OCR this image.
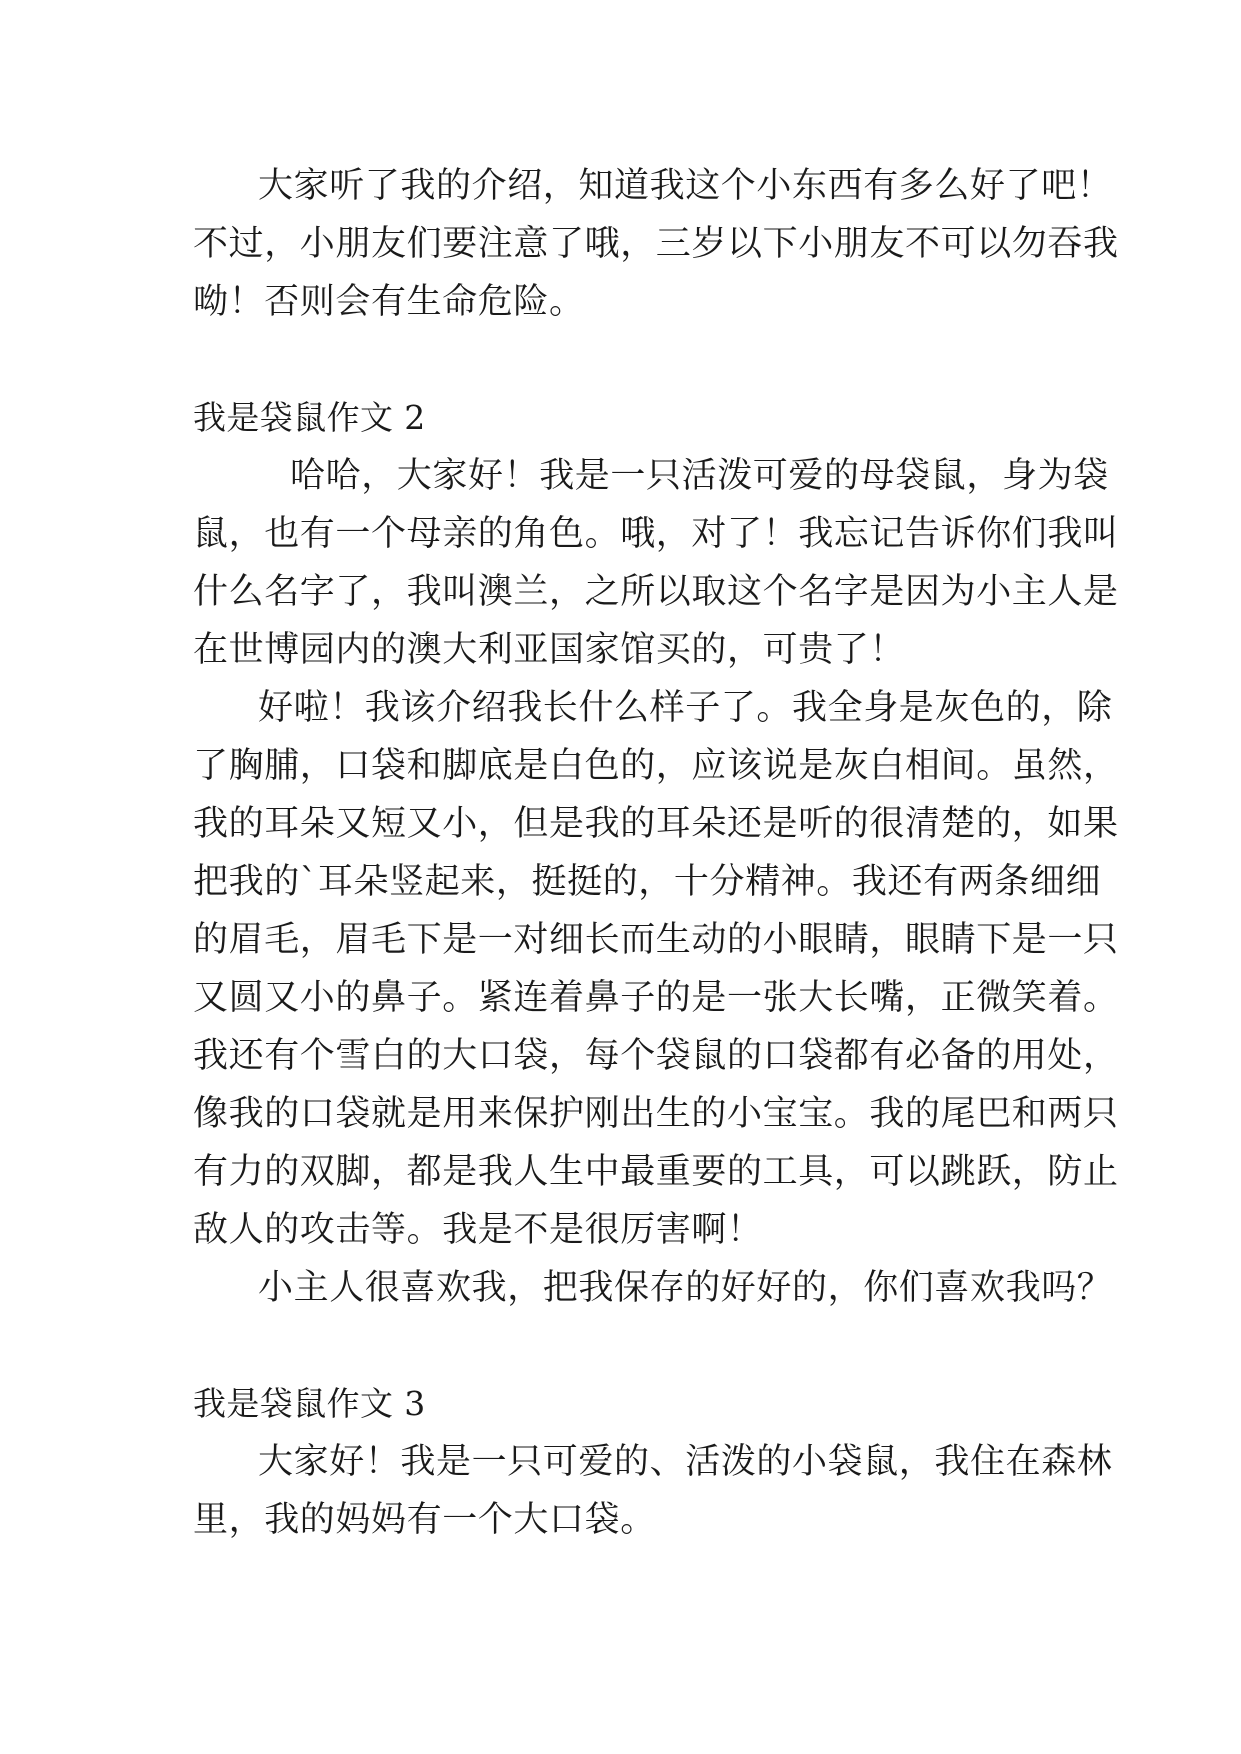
大家听了我的介绍，知道我这个小东西有多么好了吧！

不过，小朋友们要注意了哦，三岁以下小朋友不可以勿吞我

呦！否则会有生命危险。

我是袋鼠作文 2

哈哈，大家好！我是一只活泼可爱的母袋鼠，身为袋

鼠，也有一个母亲的角色。哦，对了！我忘记告诉你们我叫

什么名字了，我叫澳兰，之所以取这个名字是因为小主人是

在世博园内的澳大利亚国家馆买的，可贵了！

好啦！我该介绍我长什么样子了。我全身是灰色的，除

了胸脯，口袋和脚底是白色的，应该说是灰白相间。虽然，

我的耳朵又短又小，但是我的耳朵还是听的很清楚的，如果

把我的`耳朵竖起来，挺挺的，十分精神。我还有两条细细

的眉毛，眉毛下是一对细长而生动的小眼睛，眼睛下是一只

又圆又小的鼻子。紧连着鼻子的是一张大长嘴，正微笑着。

我还有个雪白的大口袋，每个袋鼠的口袋都有必备的用处，

像我的口袋就是用来保护刚出生的小宝宝。我的尾巴和两只

有力的双脚，都是我人生中最重要的工具，可以跳跃，防止

敌人的攻击等。我是不是很厉害啊！

小主人很喜欢我，把我保存的好好的，你们喜欢我吗？

我是袋鼠作文 3

大家好！我是一只可爱的、活泼的小袋鼠，我住在森林

里，我的妈妈有一个大口袋。
